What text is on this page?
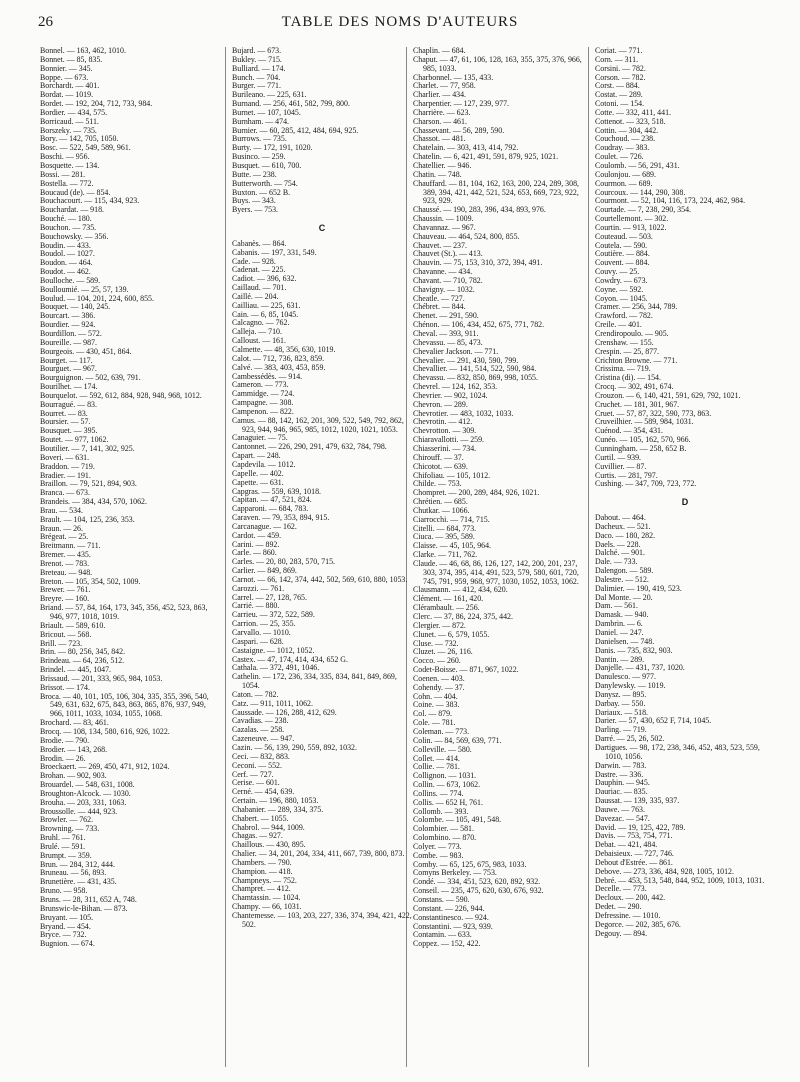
26	TABLE DES NOMS D'AUTEURS
Bonnel. — 163, 462, 1010.
Bonnet. — 85, 835.
Bonnier. — 345.
Boppe. — 673.
Borchardt. — 401.
Bordat. — 1019.
Bordet. — 192, 204, 712, 733, 984.
Bordier. — 434, 575.
Borricaud. — 511.
Borszeky. — 735.
Bory. — 142, 705, 1050.
Bosc. — 522, 549, 589, 961.
Boschi. — 956.
Bosquette. — 134.
Bossi. — 281.
Bostella. — 772.
Boucaud (de). — 854.
Bouchacourt. — 115, 434, 923.
Bouchardat. — 918.
Bouché. — 180.
Bouchon. — 735.
Bouchowsky. — 356.
Boudin. — 433.
Boudol. — 1027.
Boudon. — 464.
Boudot. — 462.
Boulloche. — 589.
Boulloumié. — 25, 57, 139.
Boulud. — 104, 201, 224, 600, 855.
Bouquet. — 140, 245.
Bourcart. — 386.
Bourdier. — 924.
Bourdillon. — 572.
Boureille. — 987.
Bourgeois. — 430, 451, 864.
Bourget. — 117.
Bourguet. — 967.
Bourguignon. — 502, 639, 791.
Bourilhet. — 174.
Bourquelot. — 592, 612, 884, 928, 948, 968, 1012.
Bourragué. — 83.
Bourret. — 83.
Boursier. — 57.
Bousquet. — 395.
Boutet. — 977, 1062.
Boutilier. — 7, 141, 302, 925.
Boveri. — 631.
Braddon. — 719.
Bradier. — 191.
Braillon. — 79, 521, 894, 903.
Branca. — 673.
Brandeis. — 384, 434, 570, 1062.
Brau. — 534.
Brault. — 104, 125, 236, 353.
Braun. — 26.
Brégeat. — 25.
Breitmann. — 711.
Bremer. — 435.
Brenot. — 783.
Breteau. — 948.
Breton. — 105, 354, 502, 1009.
Brewer. — 761.
Breyre. — 160.
Briand. — 57, 84, 164, 173, 345, 356, 452, 523, 863, 946, 977, 1018, 1019.
Briault. — 589, 610.
Bricout. — 568.
Brill. — 723.
Brin. — 80, 256, 345, 842.
Brindeau. — 64, 236, 512.
Brindel. — 445, 1047.
Brissaud. — 201, 333, 965, 984, 1053.
Brissot. — 174.
Broca. — 40, 101, 105, 106, 304, 335, 355, 396, 540, 549, 631, 632, 675, 843, 863, 865, 876, 937, 949, 966, 1011, 1033, 1034, 1055, 1068.
Brochard. — 83, 461.
Brocq. — 108, 134, 580, 616, 926, 1022.
Brodie. — 790.
Brodier. — 143, 268.
Brodin. — 26.
Broeckaert. — 269, 450, 471, 912, 1024.
Brohan. — 902, 903.
Brouardel. — 548, 631, 1008.
Broughton-Alcock. — 1030.
Brouha. — 203, 331, 1063.
Broussolle. — 444, 923.
Browler. — 762.
Browning. — 733.
Bruhl. — 761.
Brulé. — 591.
Brumpt. — 359.
Brun. — 284, 312, 444.
Bruneau. — 56, 893.
Brunetière. — 431, 435.
Bruno. — 958.
Bruns. — 28, 311, 652 A, 748.
Brunswic-le-Bihan. — 873.
Bruyant. — 105.
Bryand. — 454.
Bryce. — 732.
Bugnion. — 674.
Bujard. — 673.
Bukley. — 715.
Bulliard. — 174.
Bunch. — 704.
Burger. — 771.
Burileano. — 225, 631.
Burnand. — 256, 461, 582, 799, 800.
Burnet. — 107, 1045.
Burnham. — 474.
Burnier. — 60, 285, 412, 484, 694, 925.
Burrows. — 735.
Burty. — 172, 191, 1020.
Businco. — 259.
Busquet. — 610, 700.
Butte. — 238.
Butterworth. — 754.
Buxton. — 652 B.
Buys. — 343.
Byers. — 753.
C
Cabanès. — 864.
Cabanis. — 197, 331, 549.
Cade. — 928.
Cadenat. — 225.
Cadiot. — 396, 632.
Caillaud. — 701.
Caillé. — 204.
Cailliau. — 225, 631.
Cain. — 6, 85, 1045.
Calcagno. — 762.
Calleja. — 710.
Calloust. — 161.
Calmette. — 48, 356, 630, 1019.
Calot. — 712, 736, 823, 859.
Calvé. — 383, 403, 453, 859.
Cambessédès. — 914.
Cameron. — 773.
Cammidge. — 724.
Campagne. — 308.
Campenon. — 822.
Camus. — 88, 142, 162, 201, 309, 522, 549, 792, 862, 923, 944, 946, 965, 985, 1012, 1020, 1021, 1053.
Canaguier. — 75.
Cantonnet. — 226, 290, 291, 479, 632, 784, 798.
Capart. — 248.
Capdevila. — 1012.
Capelle. — 402.
Capette. — 631.
Capgras. — 559, 639, 1018.
Capitan. — 47, 521, 824.
Capparoni. — 684, 783.
Caraven. — 79, 353, 894, 915.
Carcanague. — 162.
Cardot. — 459.
Carini. — 892.
Carle. — 860.
Carles. — 20, 80, 283, 570, 715.
Carlier. — 849, 869.
Carnot. — 66, 142, 374, 442, 502, 569, 610, 880, 1053.
Carozzi. — 761.
Carrel. — 27, 128, 765.
Carrié. — 880.
Carrieu. — 372, 522, 589.
Carrion. — 25, 355.
Carvallo. — 1010.
Caspari. — 628.
Castaigne. — 1012, 1052.
Castex. — 47, 174, 414, 434, 652 G.
Cathala. — 372, 491, 1046.
Cathelin. — 172, 236, 334, 335, 834, 841, 849, 869, 1054.
Caton. — 782.
Catz. — 911, 1011, 1062.
Caussade. — 126, 288, 412, 629.
Cavadias. — 238.
Cazalas. — 258.
Cazeneuve. — 947.
Cazin. — 56, 139, 290, 559, 892, 1032.
Ceci. — 832, 883.
Ceconi. — 552.
Cerf. — 727.
Cerise. — 601.
Cerné. — 454, 639.
Certain. — 196, 880, 1053.
Chabanier. — 289, 334, 375.
Chabert. — 1055.
Chabrol. — 944, 1009.
Chagas. — 927.
Chaillous. — 430, 895.
Chalier. — 34, 201, 204, 334, 411, 667, 739, 800, 873.
Chambers. — 790.
Champion. — 418.
Champneys. — 752.
Champret. — 412.
Chamtassin. — 1024.
Champy. — 66, 1031.
Chantemesse. — 103, 203, 227, 336, 374, 394, 421, 422, 502.
Chaplin. — 684.
Chaput. — 47, 61, 106, 128, 163, 355, 375, 376, 966, 985, 1033.
Charbonnel. — 135, 433.
Charlet. — 77, 958.
Charlier. — 434.
Charpentier. — 127, 239, 977.
Charrière. — 623.
Charson. — 461.
Chassevant. — 56, 289, 590.
Chassot. — 481.
Chatelain. — 303, 413, 414, 792.
Chatelin. — 6, 421, 491, 591, 879, 925, 1021.
Chatellier. — 946.
Chatin. — 748.
Chauffard. — 81, 104, 162, 163, 200, 224, 289, 308, 389, 394, 421, 442, 521, 524, 653, 669, 723, 922, 923, 929.
Chaussé. — 190, 283, 396, 434, 893, 976.
Chaussin. — 1009.
Chavannaz. — 967.
Chauveau. — 464, 524, 800, 855.
Chauvet. — 237.
Chauvet (St.). — 413.
Chauvin. — 75, 153, 310, 372, 394, 491.
Chavanne. — 434.
Chavant. — 710, 782.
Chavigny. — 1032.
Cheatle. — 727.
Chébret. — 844.
Chenet. — 291, 590.
Chénon. — 106, 434, 452, 675, 771, 782.
Cheval. — 393, 911.
Chevassu. — 85, 473.
Chevalier Jackson. — 771.
Chevalier. — 291, 430, 590, 799.
Chevallier. — 141, 514, 522, 590, 984.
Chevassu. — 832, 850, 869, 998, 1055.
Chevrel. — 124, 162, 353.
Chevrier. — 902, 1024.
Chevron. — 289.
Chevrotier. — 483, 1032, 1033.
Chevrotin. — 412.
Chevrotton. — 309.
Chiaravallotti. — 259.
Chiasserini. — 734.
Chirouff. — 37.
Chicotot. — 639.
Chifoliau. — 105, 1012.
Childe. — 753.
Chompret. — 200, 289, 484, 926, 1021.
Chrétien. — 685.
Chutkar. — 1066.
Ciarrocchi. — 714, 715.
Citelli. — 684, 773.
Ciuca. — 395, 589.
Claisse. — 45, 105, 964.
Clarke. — 711, 762.
Claude. — 46, 68, 86, 126, 127, 142, 200, 201, 237, 303, 374, 395, 414, 491, 523, 579, 580, 601, 720, 745, 791, 959, 968, 977, 1030, 1052, 1053, 1062.
Clausmann. — 412, 434, 620.
Clément. — 161, 420.
Clérambault. — 256.
Clerc. — 37, 86, 224, 375, 442.
Clergier. — 872.
Clunet. — 6, 579, 1055.
Cluse. — 732.
Cluzet. — 26, 116.
Cocco. — 260.
Codet-Boisse. — 871, 967, 1022.
Coenen. — 403.
Cohendy. — 37.
Cohn. — 404.
Coine. — 383.
Col. — 879.
Cole. — 781.
Coleman. — 773.
Colin. — 84, 569, 639, 771.
Colleville. — 580.
Collet. — 414.
Collie. — 781.
Collignon. — 1031.
Collin. — 673, 1062.
Collins. — 774.
Collis. — 652 H, 761.
Collomb. — 393.
Colombe. — 105, 491, 548.
Colombier. — 581.
Colombino. — 870.
Colyer. — 773.
Combe. — 983.
Comby. — 65, 125, 675, 983, 1033.
Comyns Berkeley. — 753.
Condé. — 334, 451, 523, 620, 892, 932.
Conseil. — 235, 475, 620, 630, 676, 932.
Constans. — 590.
Constant. — 226, 944.
Constantinesco. — 924.
Constantini. — 923, 939.
Contamin. — 633.
Coppez. — 152, 422.
Coriat. — 771.
Corn. — 311.
Corsini. — 782.
Corson. — 782.
Corst. — 884.
Costat. — 289.
Cotoni. — 154.
Cotte. — 332, 411, 441.
Cottenot. — 323, 518.
Cottin. — 304, 442.
Couchoud. — 238.
Coudray. — 383.
Coulet. — 726.
Coulomb. — 56, 291, 431.
Coulonjou. — 689.
Courmon. — 689.
Courcoux. — 144, 290, 308.
Courmont. — 52, 104, 116, 173, 224, 462, 984.
Courtade. — 7, 238, 290, 354.
Courtellemont. — 302.
Courtin. — 913, 1022.
Couteaud. — 503.
Coutela. — 590.
Coutière. — 884.
Couvent. — 884.
Couvy. — 25.
Cowdry. — 673.
Coyne. — 592.
Coyon. — 1045.
Cramer. — 256, 344, 789.
Crawford. — 782.
Creile. — 401.
Crendiropoulo. — 905.
Crenshaw. — 155.
Crespin. — 25, 877.
Crichton Browne. — 771.
Crissima. — 719.
Cristina (di). — 154.
Crocq. — 302, 491, 674.
Crouzon. — 6, 140, 421, 591, 629, 792, 1021.
Cruchet. — 181, 301, 967.
Cruet. — 57, 87, 322, 590, 773, 863.
Cruveilhier. — 589, 984, 1031.
Cuénod. — 354, 431.
Cunéo. — 105, 162, 570, 966.
Cunningham. — 258, 652 B.
Curtil. — 939.
Cuvillier. — 87.
Curtis. — 281, 797.
Cushing. — 347, 709, 723, 772.
D
Dabout. — 464.
Dacheux. — 521.
Daco. — 180, 282.
Daels. — 228.
Dalché. — 901.
Dale. — 733.
Dalengon. — 589.
Dalestre. — 512.
Dalimier. — 190, 419, 523.
Dal Monte. — 20.
Dam. — 561.
Damask. — 940.
Dambrin. — 6.
Daniel. — 247.
Danielsen. — 748.
Danis. — 735, 832, 903.
Dantin. — 289.
Danjelle. — 431, 737, 1020.
Danulesco. — 977.
Danylewsky. — 1019.
Danysz. — 895.
Darbay. — 550.
Dariaux. — 518.
Darier. — 57, 430, 652 F, 714, 1045.
Darling. — 719.
Darré. — 25, 26, 502.
Dartigues. — 98, 172, 238, 346, 452, 483, 523, 559, 1010, 1056.
Darwin. — 783.
Dastre. — 336.
Dauphin. — 945.
Dauriac. — 835.
Daussat. — 139, 335, 937.
Dauwe. — 763.
Davezac. — 547.
David. — 19, 125, 422, 789.
Davis. — 753, 754, 771.
Debat. — 421, 484.
Debaisieux. — 727, 746.
Debout d'Estrée. — 861.
Debove. — 273, 336, 484, 928, 1005, 1012.
Debré. — 453, 513, 548, 844, 952, 1009, 1013, 1031.
Decelle. — 773.
Decloux. — 200, 442.
Dedet. — 290.
Defressine. — 1010.
Degorce. — 202, 385, 676.
Degouy. — 894.
